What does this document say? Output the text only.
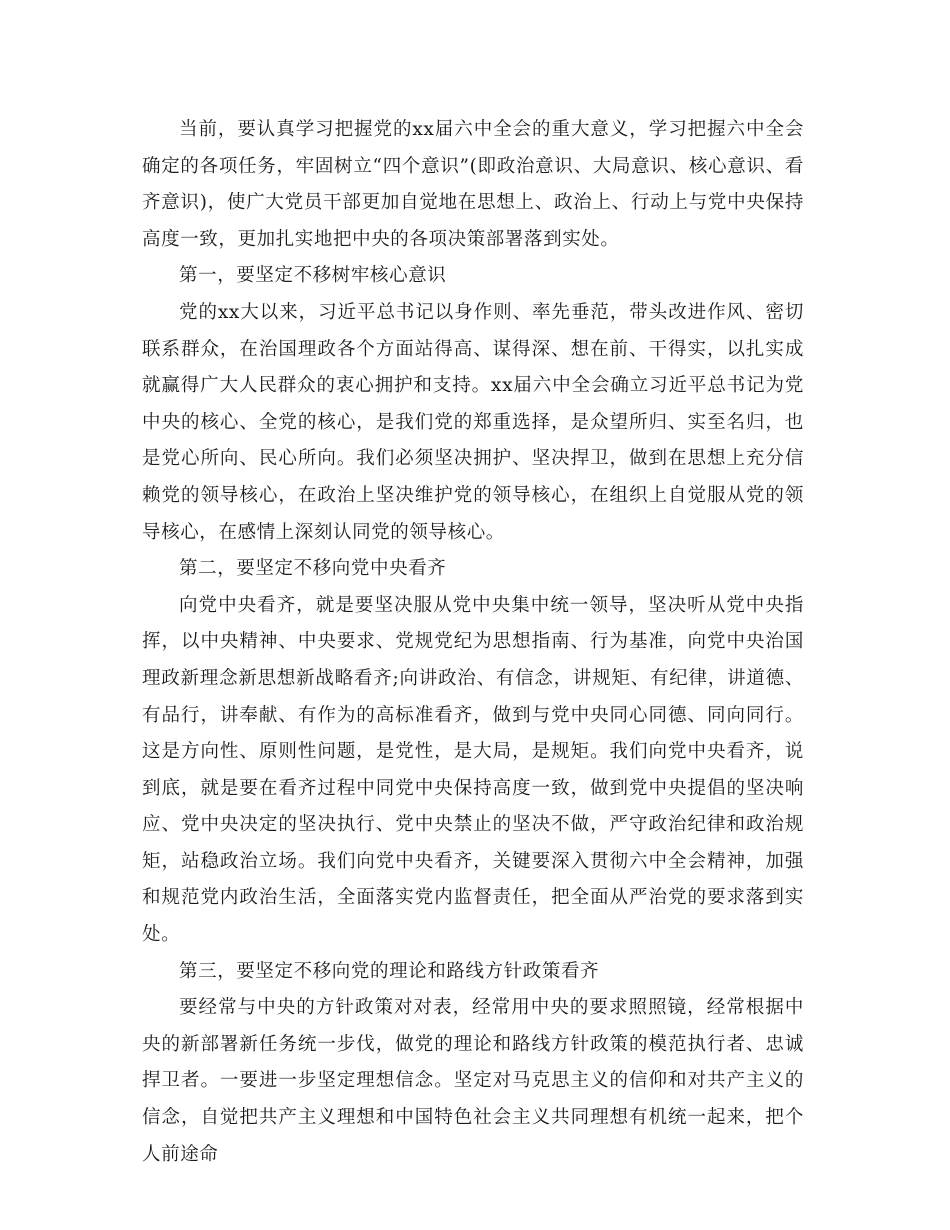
当前，要认真学习把握党的xx届六中全会的重大意义，学习把握六中全会确定的各项任务，牢固树立“四个意识”(即政治意识、大局意识、核心意识、看齐意识)，使广大党员干部更加自觉地在思想上、政治上、行动上与党中央保持高度一致，更加扎实地把中央的各项决策部署落到实处。

第一，要坚定不移树牢核心意识

党的xx大以来，习近平总书记以身作则、率先垂范，带头改进作风、密切联系群众，在治国理政各个方面站得高、谋得深、想在前、干得实，以扎实成就赢得广大人民群众的衷心拥护和支持。xx届六中全会确立习近平总书记为党中央的核心、全党的核心，是我们党的郑重选择，是众望所归、实至名归，也是党心所向、民心所向。我们必须坚决拥护、坚决捍卫，做到在思想上充分信赖党的领导核心，在政治上坚决维护党的领导核心，在组织上自觉服从党的领导核心，在感情上深刻认同党的领导核心。

第二，要坚定不移向党中央看齐

向党中央看齐，就是要坚决服从党中央集中统一领导，坚决听从党中央指挥，以中央精神、中央要求、党规党纪为思想指南、行为基准，向党中央治国理政新理念新思想新战略看齐;向讲政治、有信念，讲规矩、有纪律，讲道德、有品行，讲奉献、有作为的高标准看齐，做到与党中央同心同德、同向同行。这是方向性、原则性问题，是党性，是大局，是规矩。我们向党中央看齐，说到底，就是要在看齐过程中同党中央保持高度一致，做到党中央提倡的坚决响应、党中央决定的坚决执行、党中央禁止的坚决不做，严守政治纪律和政治规矩，站稳政治立场。我们向党中央看齐，关键要深入贯彻六中全会精神，加强和规范党内政治生活，全面落实党内监督责任，把全面从严治党的要求落到实处。

第三，要坚定不移向党的理论和路线方针政策看齐

要经常与中央的方针政策对对表，经常用中央的要求照照镜，经常根据中央的新部署新任务统一步伐，做党的理论和路线方针政策的模范执行者、忠诚捍卫者。一要进一步坚定理想信念。坚定对马克思主义的信仰和对共产主义的信念，自觉把共产主义理想和中国特色社会主义共同理想有机统一起来，把个人前途命
